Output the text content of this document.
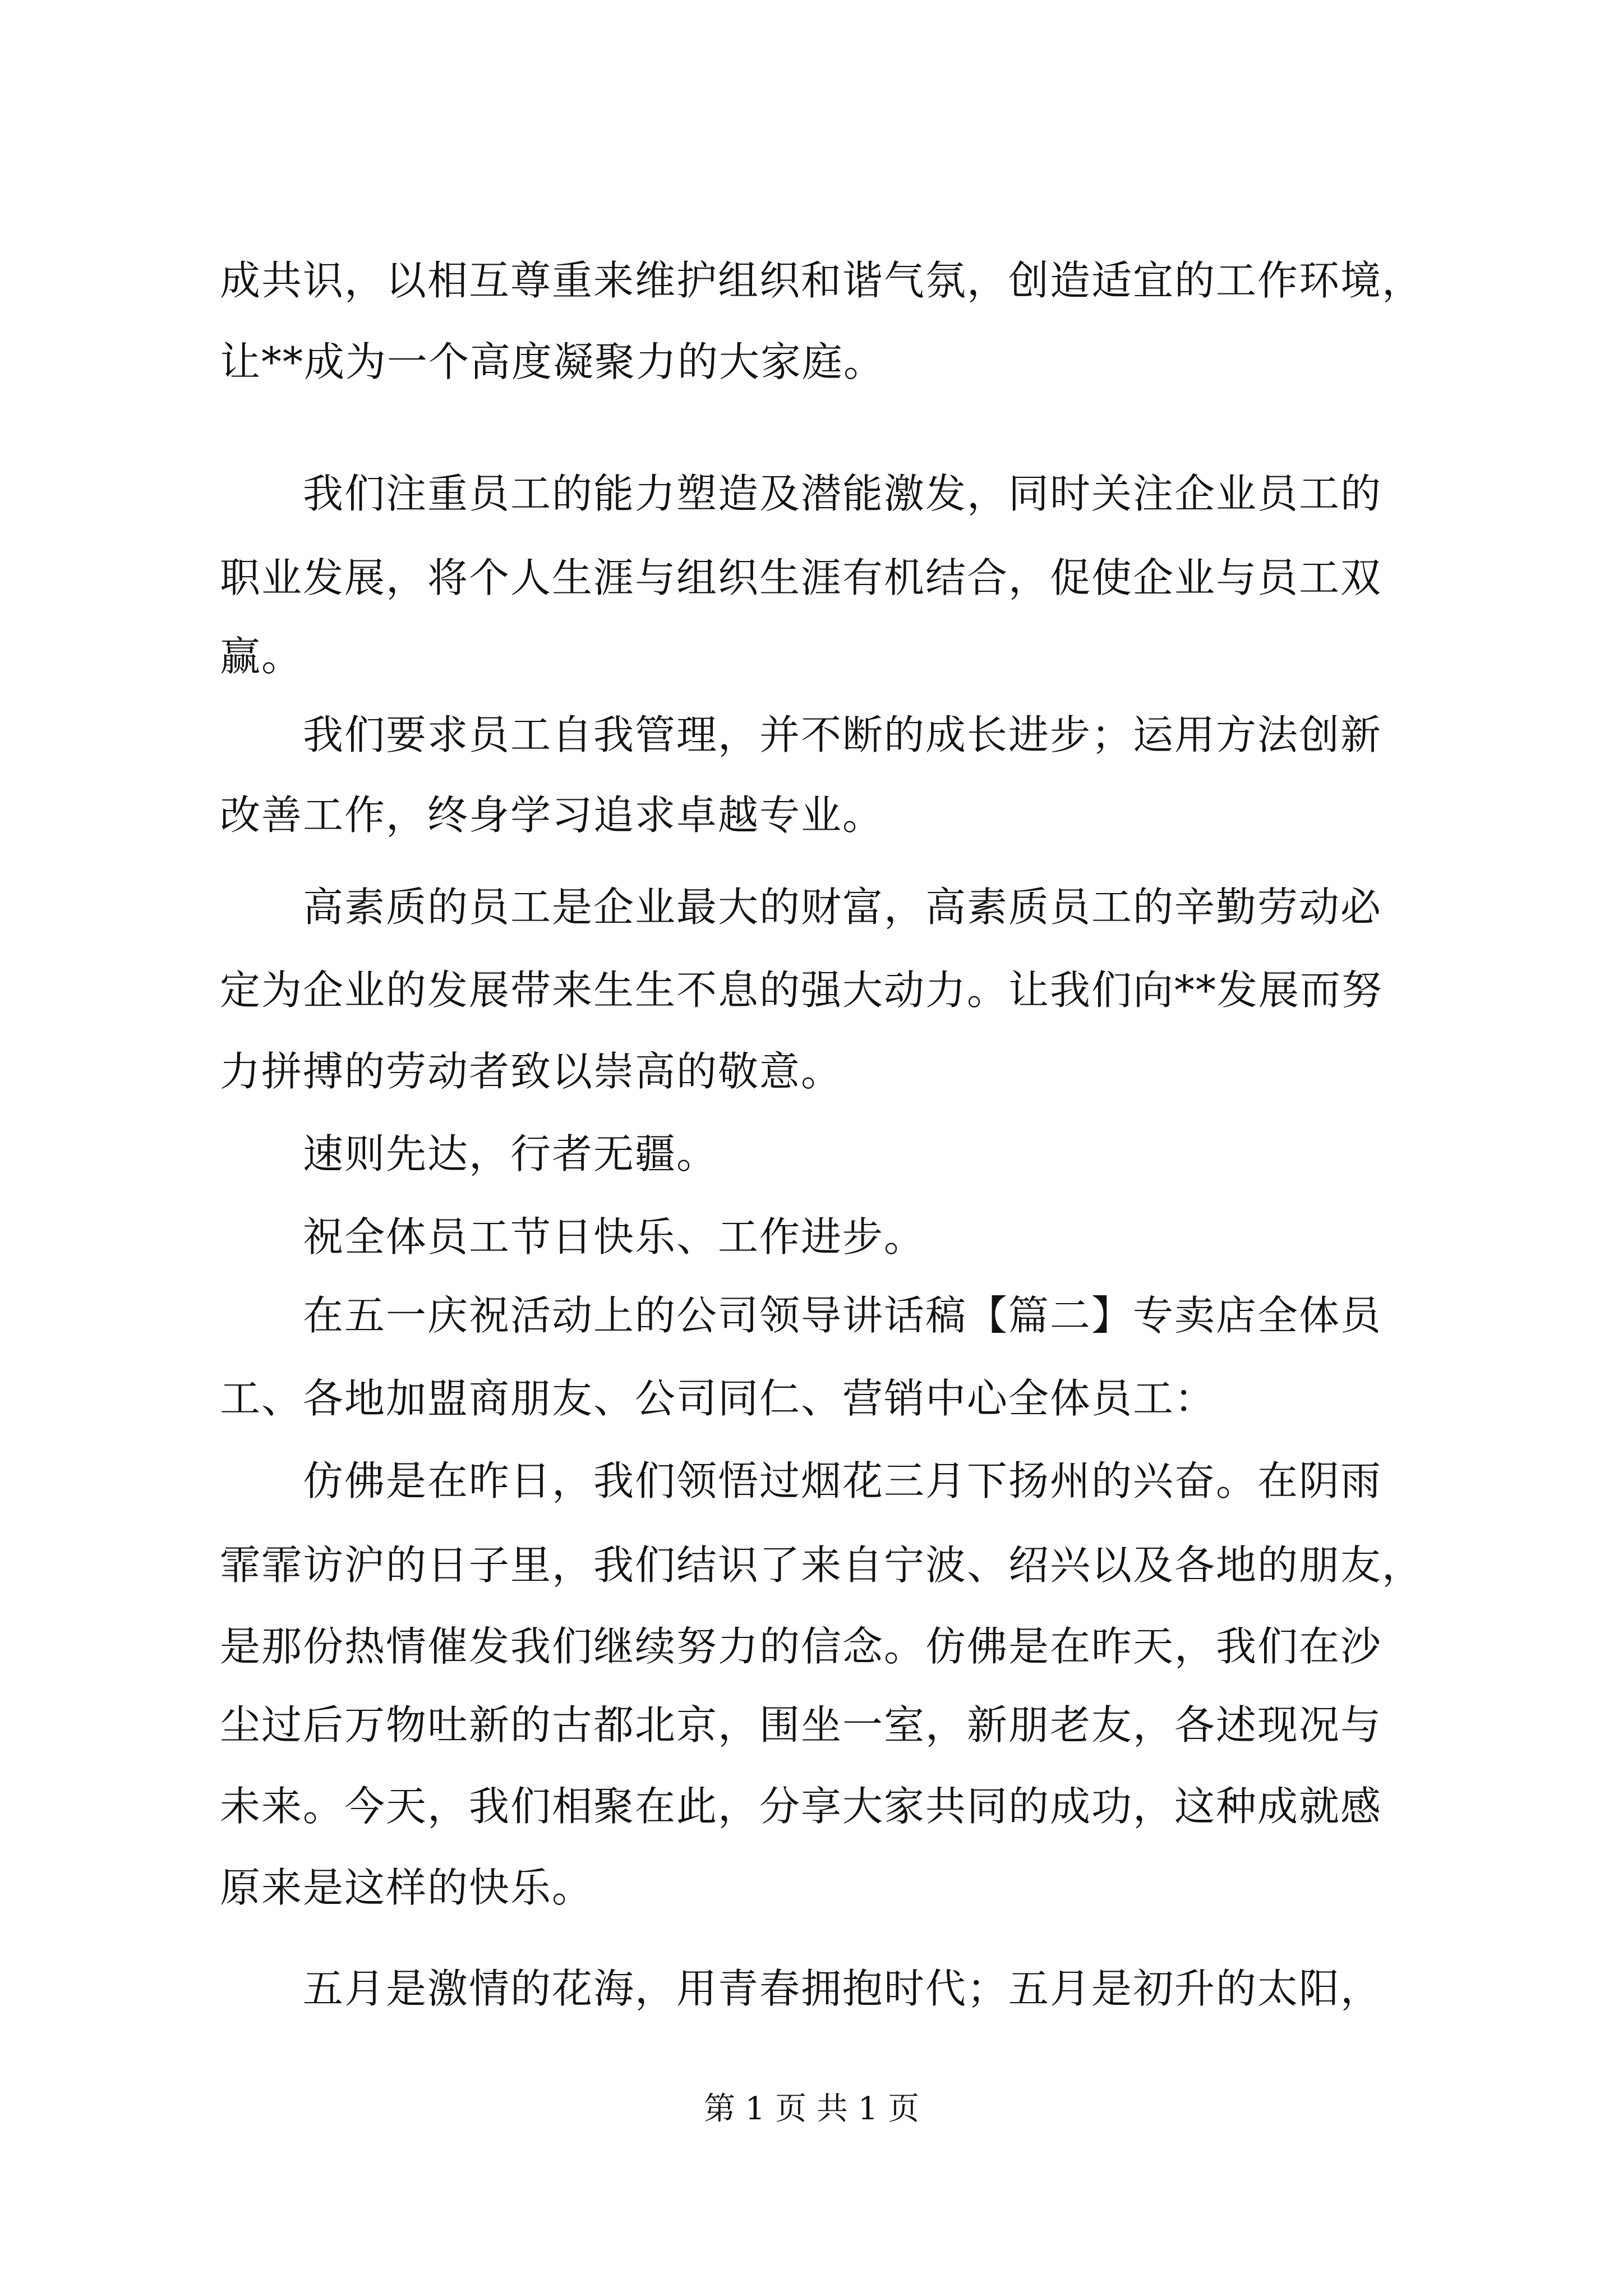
成共识，以相互尊重来维护组织和谐气氛，创造适宜的工作环境，
让**成为一个高度凝聚力的大家庭。
我们注重员工的能力塑造及潜能激发，同时关注企业员工的
职业发展，将个人生涯与组织生涯有机结合，促使企业与员工双
赢。
我们要求员工自我管理，并不断的成长进步；运用方法创新
改善工作，终身学习追求卓越专业。
高素质的员工是企业最大的财富，高素质员工的辛勤劳动必
定为企业的发展带来生生不息的强大动力。让我们向**发展而努
力拼搏的劳动者致以崇高的敬意。
速则先达，行者无疆。
祝全体员工节日快乐、工作进步。
在五一庆祝活动上的公司领导讲话稿【篇二】专卖店全体员
工、各地加盟商朋友、公司同仁、营销中心全体员工：
仿佛是在昨日，我们领悟过烟花三月下扬州的兴奋。在阴雨
霏霏访沪的日子里，我们结识了来自宁波、绍兴以及各地的朋友，
是那份热情催发我们继续努力的信念。仿佛是在昨天，我们在沙
尘过后万物吐新的古都北京，围坐一室，新朋老友，各述现况与
未来。今天，我们相聚在此，分享大家共同的成功，这种成就感
原来是这样的快乐。
五月是激情的花海，用青春拥抱时代；五月是初升的太阳，
第 1 页 共 1 页
